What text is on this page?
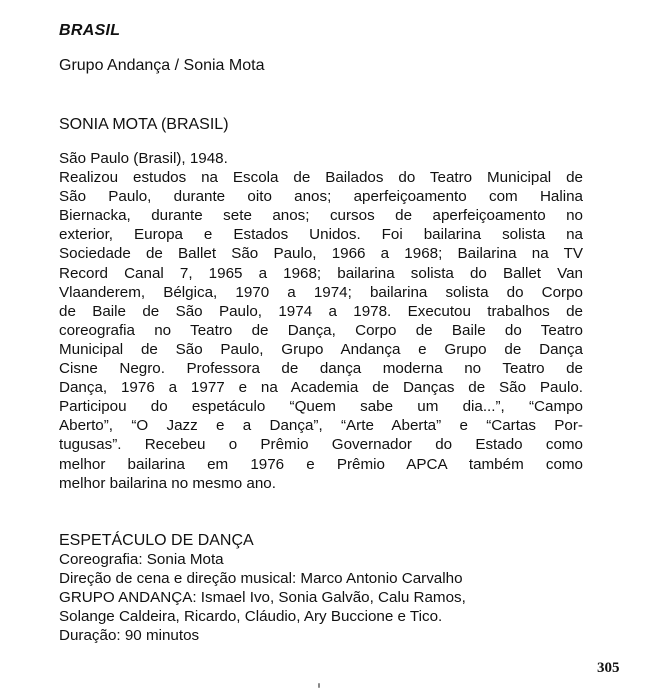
BRASIL

Grupo Andança / Sonia Mota

SONIA MOTA (BRASIL)

São Paulo (Brasil), 1948.
Realizou estudos na Escola de Bailados do Teatro Municipal de
São Paulo, durante oito anos; aperfeiçoamento com Halina
Biernacka, durante sete anos; cursos de aperfeiçoamento no
exterior, Europa e Estados Unidos. Foi bailarina solista na
Sociedade de Ballet São Paulo, 1966 a 1968; Bailarina na TV
Record Canal 7, 1965 a 1968; bailarina solista do Ballet Van
Vlaanderem, Bélgica, 1970 a 1974; bailarina solista do Corpo
de Baile de São Paulo, 1974 a 1978. Executou trabalhos de
coreografia no Teatro de Dança, Corpo de Baile do Teatro
Municipal de São Paulo, Grupo Andança e Grupo de Dança
Cisne Negro. Professora de dança moderna no Teatro de
Dança, 1976 a 1977 e na Academia de Danças de São Paulo.
Participou do espetáculo “Quem sabe um dia...”, “Campo
Aberto”, “O Jazz e a Dança”, “Arte Aberta” e “Cartas Por-
tugusas”. Recebeu o Prêmio Governador do Estado como
melhor bailarina em 1976 e Prêmio APCA também como
melhor bailarina no mesmo ano.
ESPETÁCULO DE DANÇA
Coreografia: Sonia Mota
Direção de cena e direção musical: Marco Antonio Carvalho
GRUPO ANDANÇA: Ismael Ivo, Sonia Galvão, Calu Ramos,
Solange Caldeira, Ricardo, Cláudio, Ary Buccione e Tico.
Duração: 90 minutos

305
